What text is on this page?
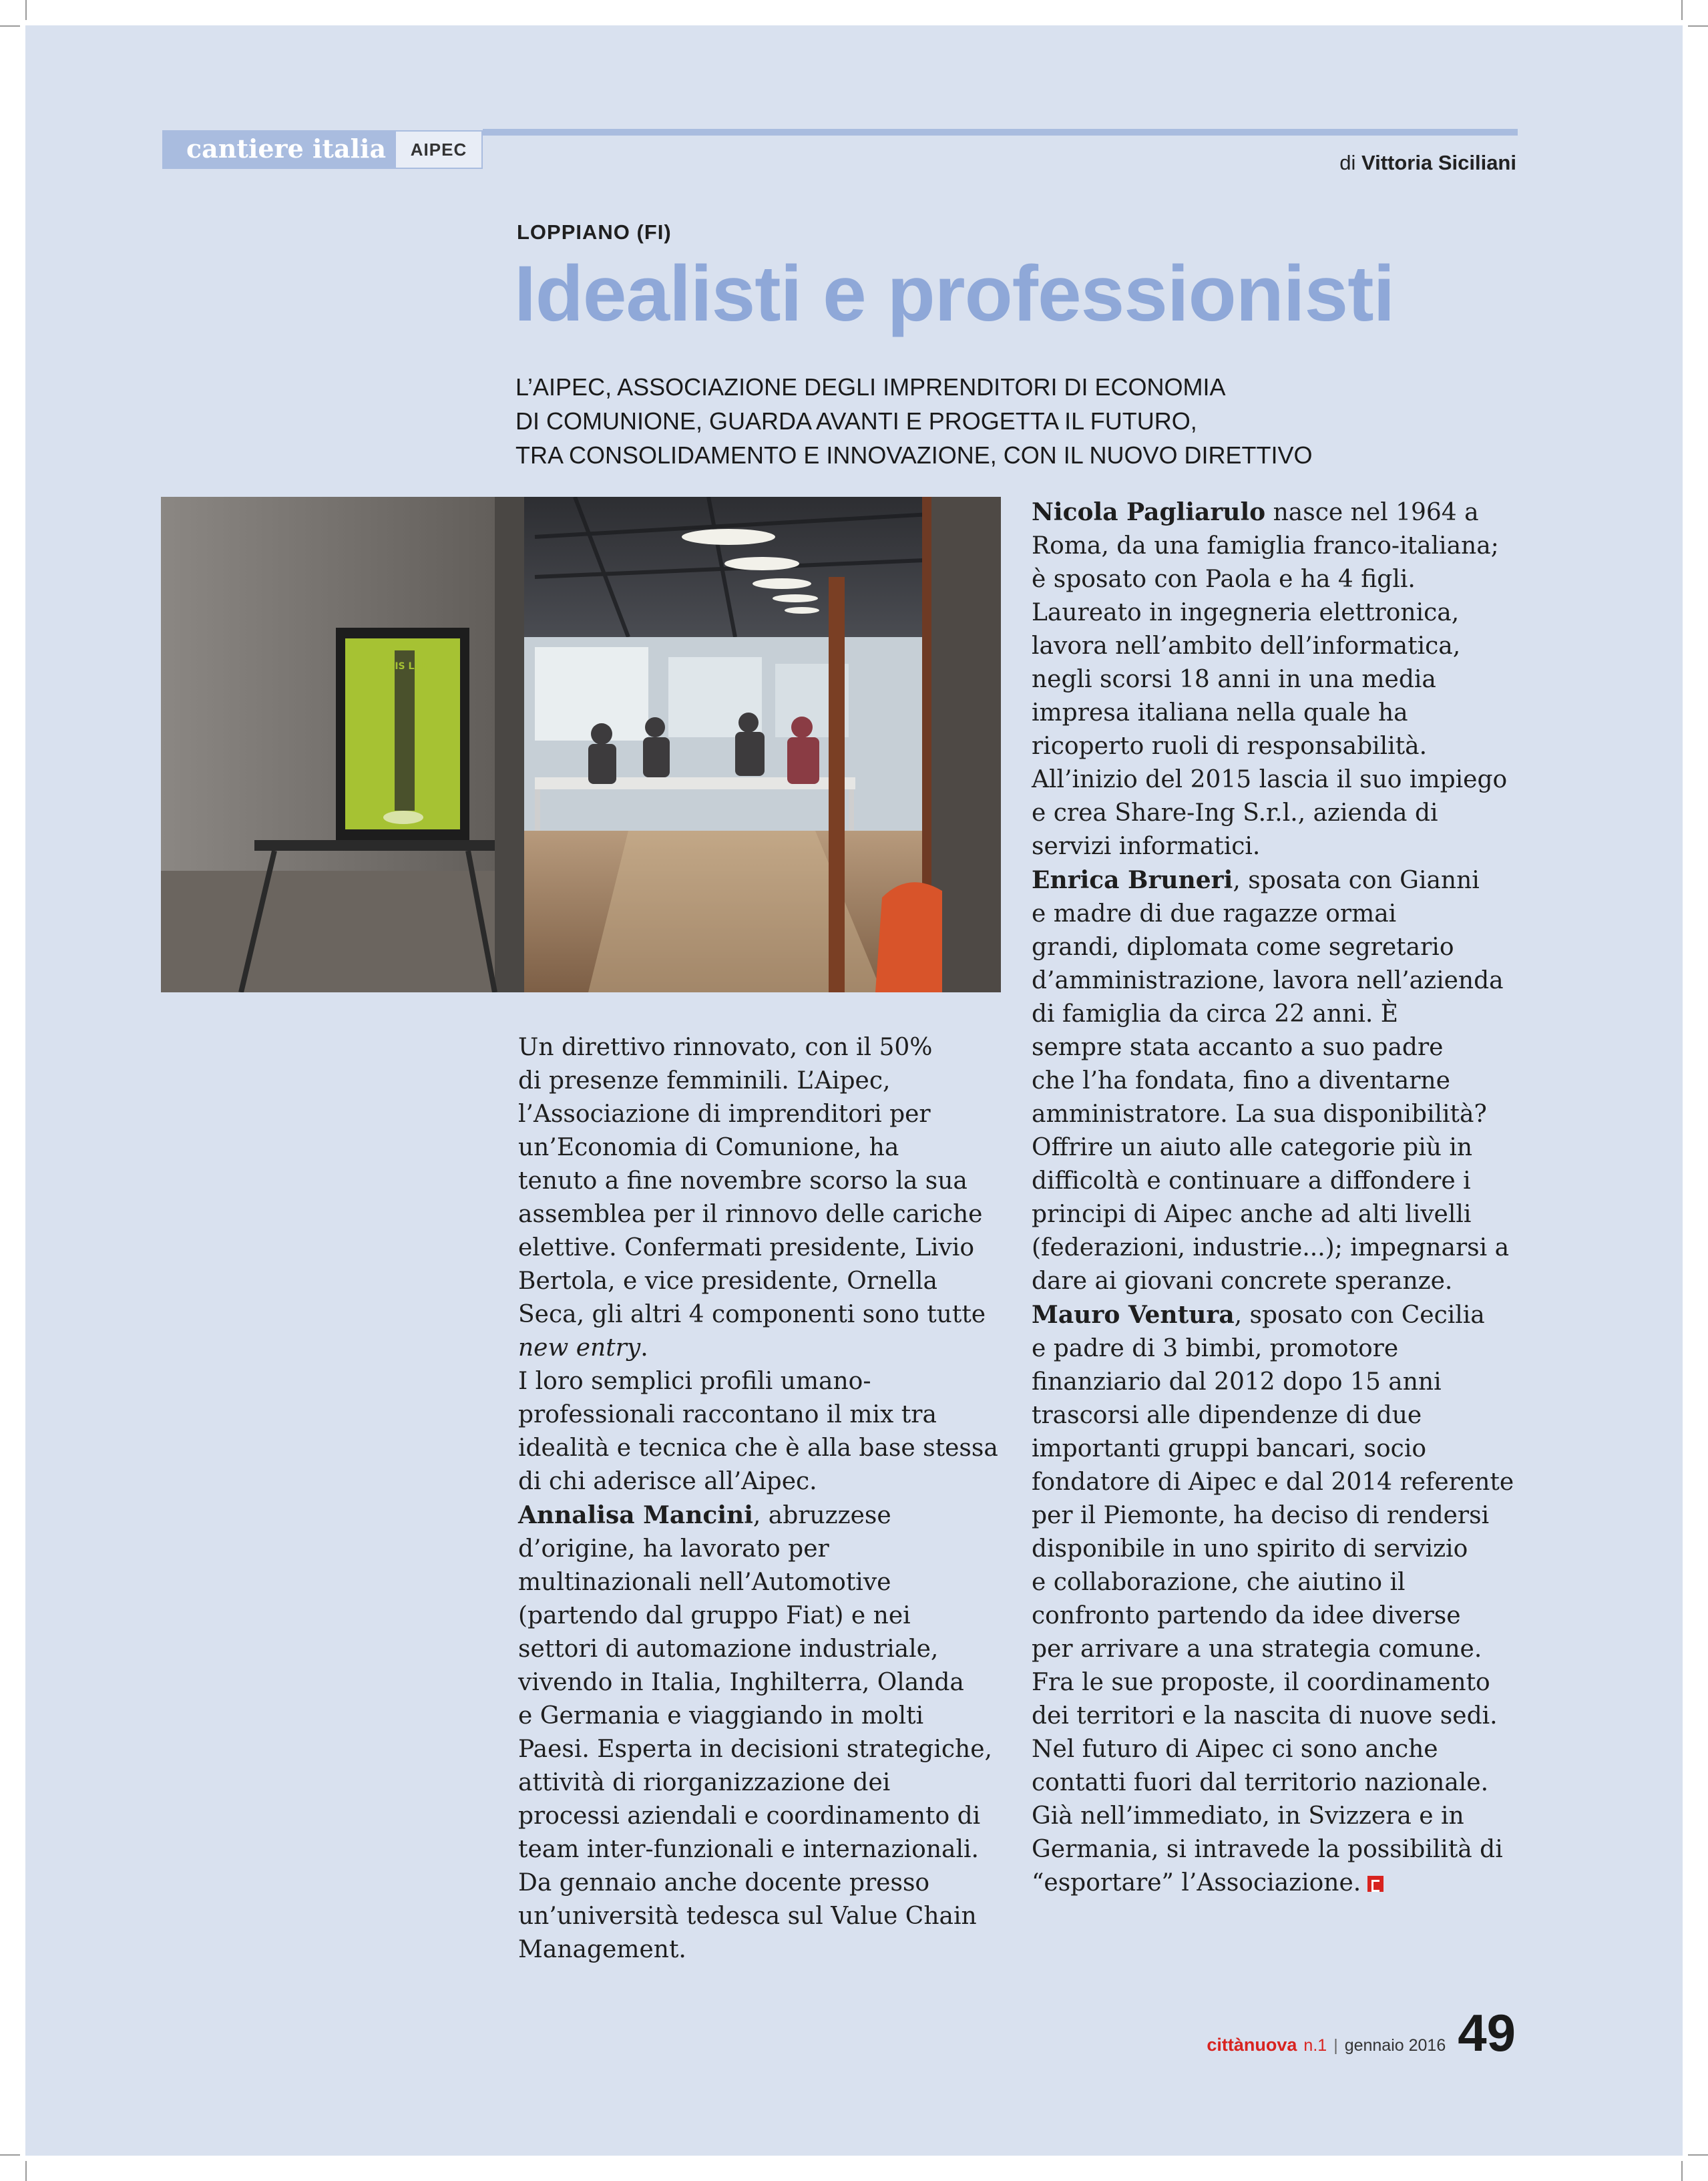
cantiere italia	AIPEC
di Vittoria Siciliani
LOPPIANO (FI)
Idealisti e professionisti
L’AIPEC, ASSOCIAZIONE DEGLI IMPRENDITORI DI ECONOMIA
DI COMUNIONE, GUARDA AVANTI E PROGETTA IL FUTURO,
TRA CONSOLIDAMENTO E INNOVAZIONE, CON IL NUOVO DIRETTIVO
THIS LAB
Un direttivo rinnovato, con il 50%
di presenze femminili. L’Aipec,
l’Associazione di imprenditori per
un’Economia di Comunione, ha
tenuto a fine novembre scorso la sua
assemblea per il rinnovo delle cariche
elettive. Confermati presidente, Livio
Bertola, e vice presidente, Ornella
Seca, gli altri 4 componenti sono tutte
new entry.
I loro semplici profili umano-
professionali raccontano il mix tra
idealità e tecnica che è alla base stessa
di chi aderisce all’Aipec.
Annalisa Mancini, abruzzese
d’origine, ha lavorato per
multinazionali nell’Automotive
(partendo dal gruppo Fiat) e nei
settori di automazione industriale,
vivendo in Italia, Inghilterra, Olanda
e Germania e viaggiando in molti
Paesi. Esperta in decisioni strategiche,
attività di riorganizzazione dei
processi aziendali e coordinamento di
team inter-funzionali e internazionali.
Da gennaio anche docente presso
un’università tedesca sul Value Chain
Management.
Nicola Pagliarulo nasce nel 1964 a
Roma, da una famiglia franco-italiana;
è sposato con Paola e ha 4 figli.
Laureato in ingegneria elettronica,
lavora nell’ambito dell’informatica,
negli scorsi 18 anni in una media
impresa italiana nella quale ha
ricoperto ruoli di responsabilità.
All’inizio del 2015 lascia il suo impiego
e crea Share-Ing S.r.l., azienda di
servizi informatici.
Enrica Bruneri, sposata con Gianni
e madre di due ragazze ormai
grandi, diplomata come segretario
d’amministrazione, lavora nell’azienda
di famiglia da circa 22 anni. È
sempre stata accanto a suo padre
che l’ha fondata, fino a diventarne
amministratore. La sua disponibilità?
Offrire un aiuto alle categorie più in
difficoltà e continuare a diffondere i
principi di Aipec anche ad alti livelli
(federazioni, industrie...); impegnarsi a
dare ai giovani concrete speranze.
Mauro Ventura, sposato con Cecilia
e padre di 3 bimbi, promotore
finanziario dal 2012 dopo 15 anni
trascorsi alle dipendenze di due
importanti gruppi bancari, socio
fondatore di Aipec e dal 2014 referente
per il Piemonte, ha deciso di rendersi
disponibile in uno spirito di servizio
e collaborazione, che aiutino il
confronto partendo da idee diverse
per arrivare a una strategia comune.
Fra le sue proposte, il coordinamento
dei territori e la nascita di nuove sedi.
Nel futuro di Aipec ci sono anche
contatti fuori dal territorio nazionale.
Già nell’immediato, in Svizzera e in
Germania, si intravede la possibilità di
“esportare” l’Associazione.
cittànuova n.1 | gennaio 2016 49
